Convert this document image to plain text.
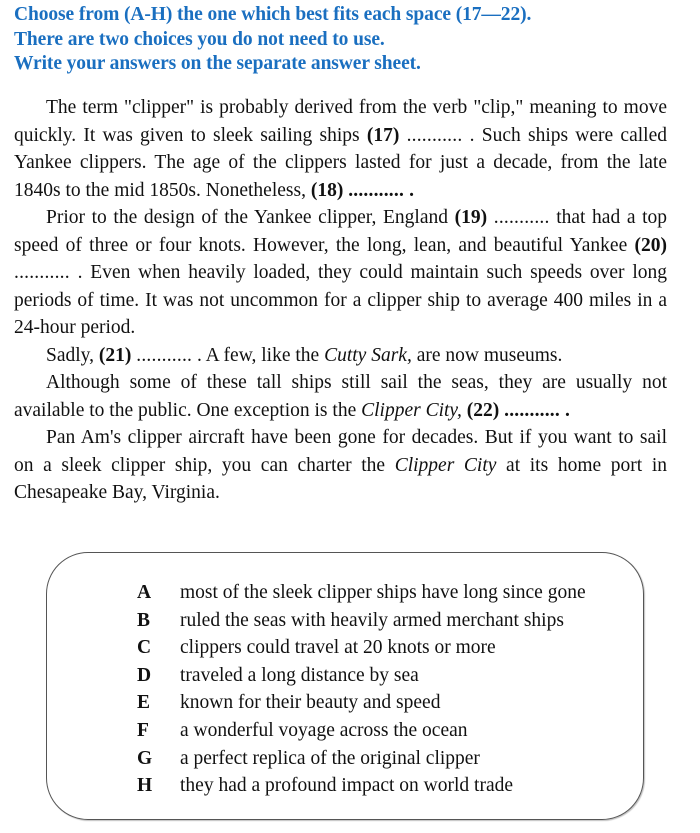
Choose from (A-H) the one which best fits each space (17—22).
There are two choices you do not need to use.
Write your answers on the separate answer sheet.

The term "clipper" is probably derived from the verb "clip," meaning to move quickly. It was given to sleek sailing ships (17) ........... . Such ships were called Yankee clippers. The age of the clippers lasted for just a decade, from the late 1840s to the mid 1850s. Nonetheless, (18) ........... .

Prior to the design of the Yankee clipper, England (19) ........... that had a top speed of three or four knots. However, the long, lean, and beautiful Yankee (20) ........... . Even when heavily loaded, they could maintain such speeds over long periods of time. It was not uncommon for a clipper ship to average 400 miles in a 24-hour period.

Sadly, (21) ........... . A few, like the Cutty Sark, are now museums.

Although some of these tall ships still sail the seas, they are usually not available to the public. One exception is the Clipper City, (22) ........... .

Pan Am's clipper aircraft have been gone for decades. But if you want to sail on a sleek clipper ship, you can charter the Clipper City at its home port in Chesapeake Bay, Virginia.

A	most of the sleek clipper ships have long since gone
B	ruled the seas with heavily armed merchant ships
C	clippers could travel at 20 knots or more
D	traveled a long distance by sea
E	known for their beauty and speed
F	a wonderful voyage across the ocean
G	a perfect replica of the original clipper
H	they had a profound impact on world trade
